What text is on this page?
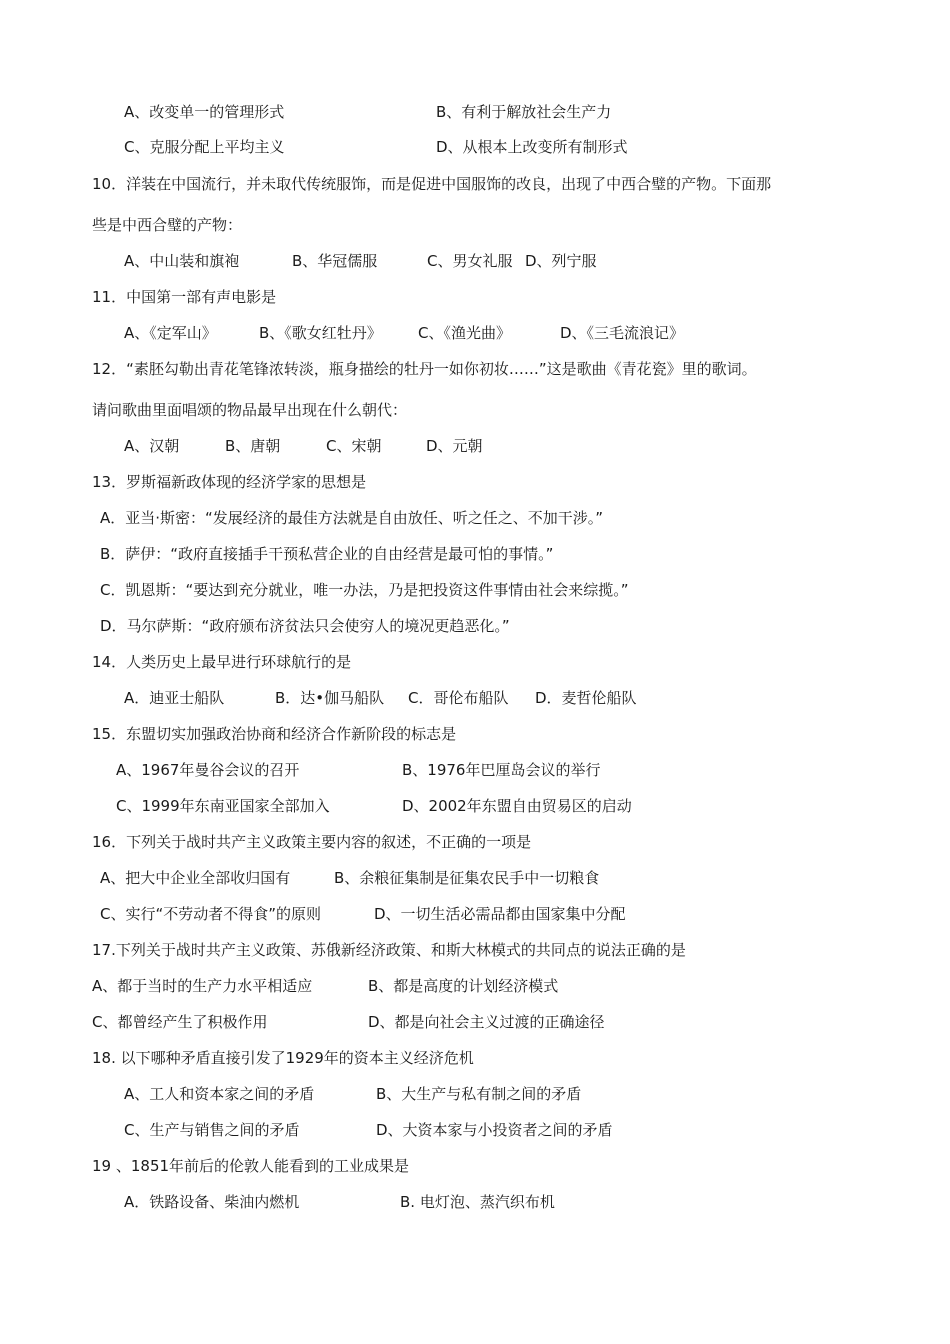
A、改变单一的管理形式	B、有利于解放社会生产力
C、克服分配上平均主义	D、从根本上改变所有制形式
10．洋装在中国流行，并未取代传统服饰，而是促进中国服饰的改良，出现了中西合璧的产物。下面那
些是中西合璧的产物：
A、中山装和旗袍	B、华冠儒服	C、男女礼服 D、列宁服
11．中国第一部有声电影是
A、《定军山》	B、《歌女红牡丹》 C、《渔光曲》	D、《三毛流浪记》
12．“素胚勾勒出青花笔锋浓转淡，瓶身描绘的牡丹一如你初妆……”这是歌曲《青花瓷》里的歌词。
请问歌曲里面唱颂的物品最早出现在什么朝代：
A、汉朝	B、唐朝	C、宋朝	D、元朝
13．罗斯福新政体现的经济学家的思想是
A．亚当·斯密：“发展经济的最佳方法就是自由放任、听之任之、不加干涉。”
B．萨伊：“政府直接插手干预私营企业的自由经营是最可怕的事情。”
C．凯恩斯：“要达到充分就业，唯一办法，乃是把投资这件事情由社会来综揽。”
D．马尔萨斯：“政府颁布济贫法只会使穷人的境况更趋恶化。”
14．人类历史上最早进行环球航行的是
A．迪亚士船队	B．达•伽马船队 C．哥伦布船队 D．麦哲伦船队
15．东盟切实加强政治协商和经济合作新阶段的标志是
A、1967年曼谷会议的召开	B、1976年巴厘岛会议的举行
C、1999年东南亚国家全部加入	D、2002年东盟自由贸易区的启动
16．下列关于战时共产主义政策主要内容的叙述，不正确的一项是
A、把大中企业全部收归国有	B、余粮征集制是征集农民手中一切粮食
C、实行“不劳动者不得食”的原则	D、一切生活必需品都由国家集中分配
17.下列关于战时共产主义政策、苏俄新经济政策、和斯大林模式的共同点的说法正确的是
A、都于当时的生产力水平相适应	B、都是高度的计划经济模式
C、都曾经产生了积极作用	D、都是向社会主义过渡的正确途径
18. 以下哪种矛盾直接引发了1929年的资本主义经济危机
A、工人和资本家之间的矛盾	B、大生产与私有制之间的矛盾
C、生产与销售之间的矛盾	D、大资本家与小投资者之间的矛盾
19 、1851年前后的伦敦人能看到的工业成果是
A．铁路设备、柴油内燃机	B. 电灯泡、蒸汽织布机
